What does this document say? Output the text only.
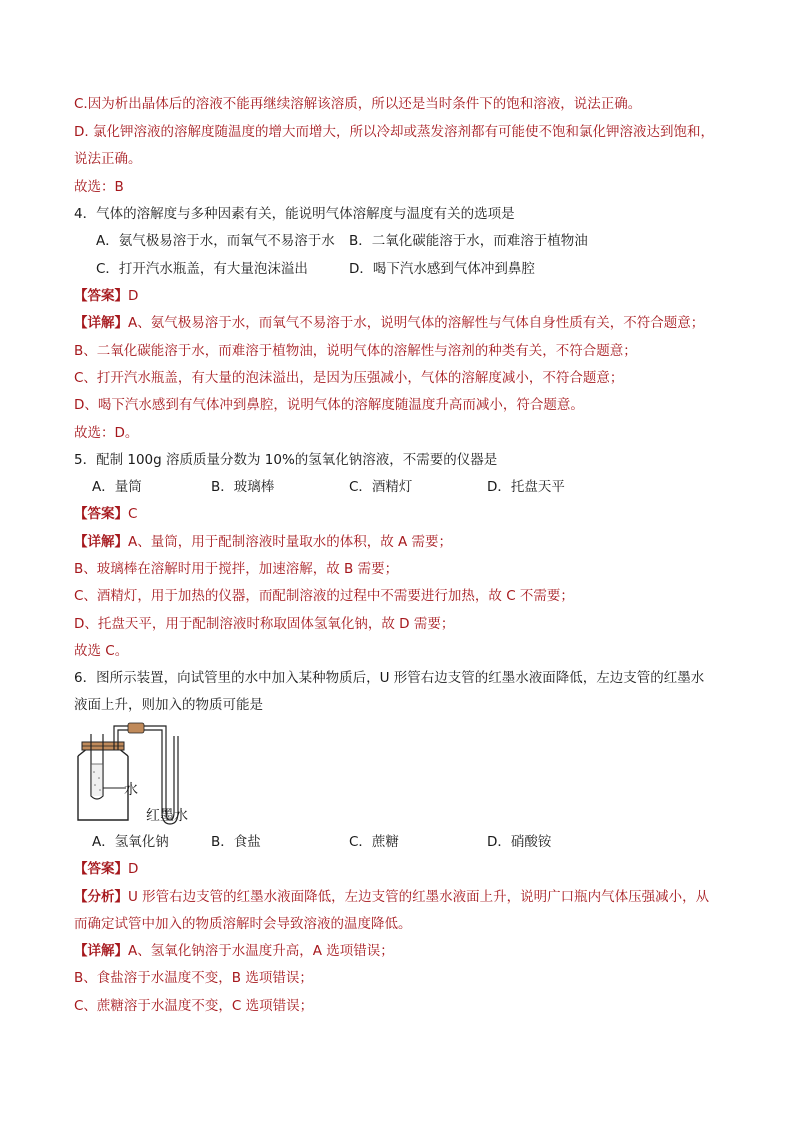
C.因为析出晶体后的溶液不能再继续溶解该溶质，所以还是当时条件下的饱和溶液，说法正确。
D. 氯化钾溶液的溶解度随温度的增大而增大，所以冷却或蒸发溶剂都有可能使不饱和氯化钾溶液达到饱和，
说法正确。
故选：B
4．气体的溶解度与多种因素有关，能说明气体溶解度与温度有关的选项是
A．氨气极易溶于水，而氧气不易溶于水 B．二氧化碳能溶于水，而难溶于植物油
C．打开汽水瓶盖，有大量泡沫溢出	D．喝下汽水感到气体冲到鼻腔
【答案】D
【详解】A、氨气极易溶于水，而氧气不易溶于水，说明气体的溶解性与气体自身性质有关，不符合题意；
B、二氧化碳能溶于水，而难溶于植物油，说明气体的溶解性与溶剂的种类有关，不符合题意；
C、打开汽水瓶盖，有大量的泡沫溢出，是因为压强减小，气体的溶解度减小，不符合题意；
D、喝下汽水感到有气体冲到鼻腔，说明气体的溶解度随温度升高而减小，符合题意。
故选：D。
5．配制 100g 溶质质量分数为 10%的氢氧化钠溶液，不需要的仪器是
A．量筒	B．玻璃棒	C．酒精灯	D．托盘天平
【答案】C
【详解】A、量筒，用于配制溶液时量取水的体积，故 A 需要；
B、玻璃棒在溶解时用于搅拌，加速溶解，故 B 需要；
C、酒精灯，用于加热的仪器，而配制溶液的过程中不需要进行加热，故 C 不需要；
D、托盘天平，用于配制溶液时称取固体氢氧化钠，故 D 需要；
故选 C。
6．图所示装置，向试管里的水中加入某种物质后，U 形管右边支管的红墨水液面降低，左边支管的红墨水
液面上升，则加入的物质可能是
水
红墨水
A．氢氧化钠	B．食盐	C．蔗糖	D．硝酸铵
【答案】D
【分析】U 形管右边支管的红墨水液面降低，左边支管的红墨水液面上升，说明广口瓶内气体压强减小，从
而确定试管中加入的物质溶解时会导致溶液的温度降低。
【详解】A、氢氧化钠溶于水温度升高，A 选项错误；
B、食盐溶于水温度不变，B 选项错误；
C、蔗糖溶于水温度不变，C 选项错误；
